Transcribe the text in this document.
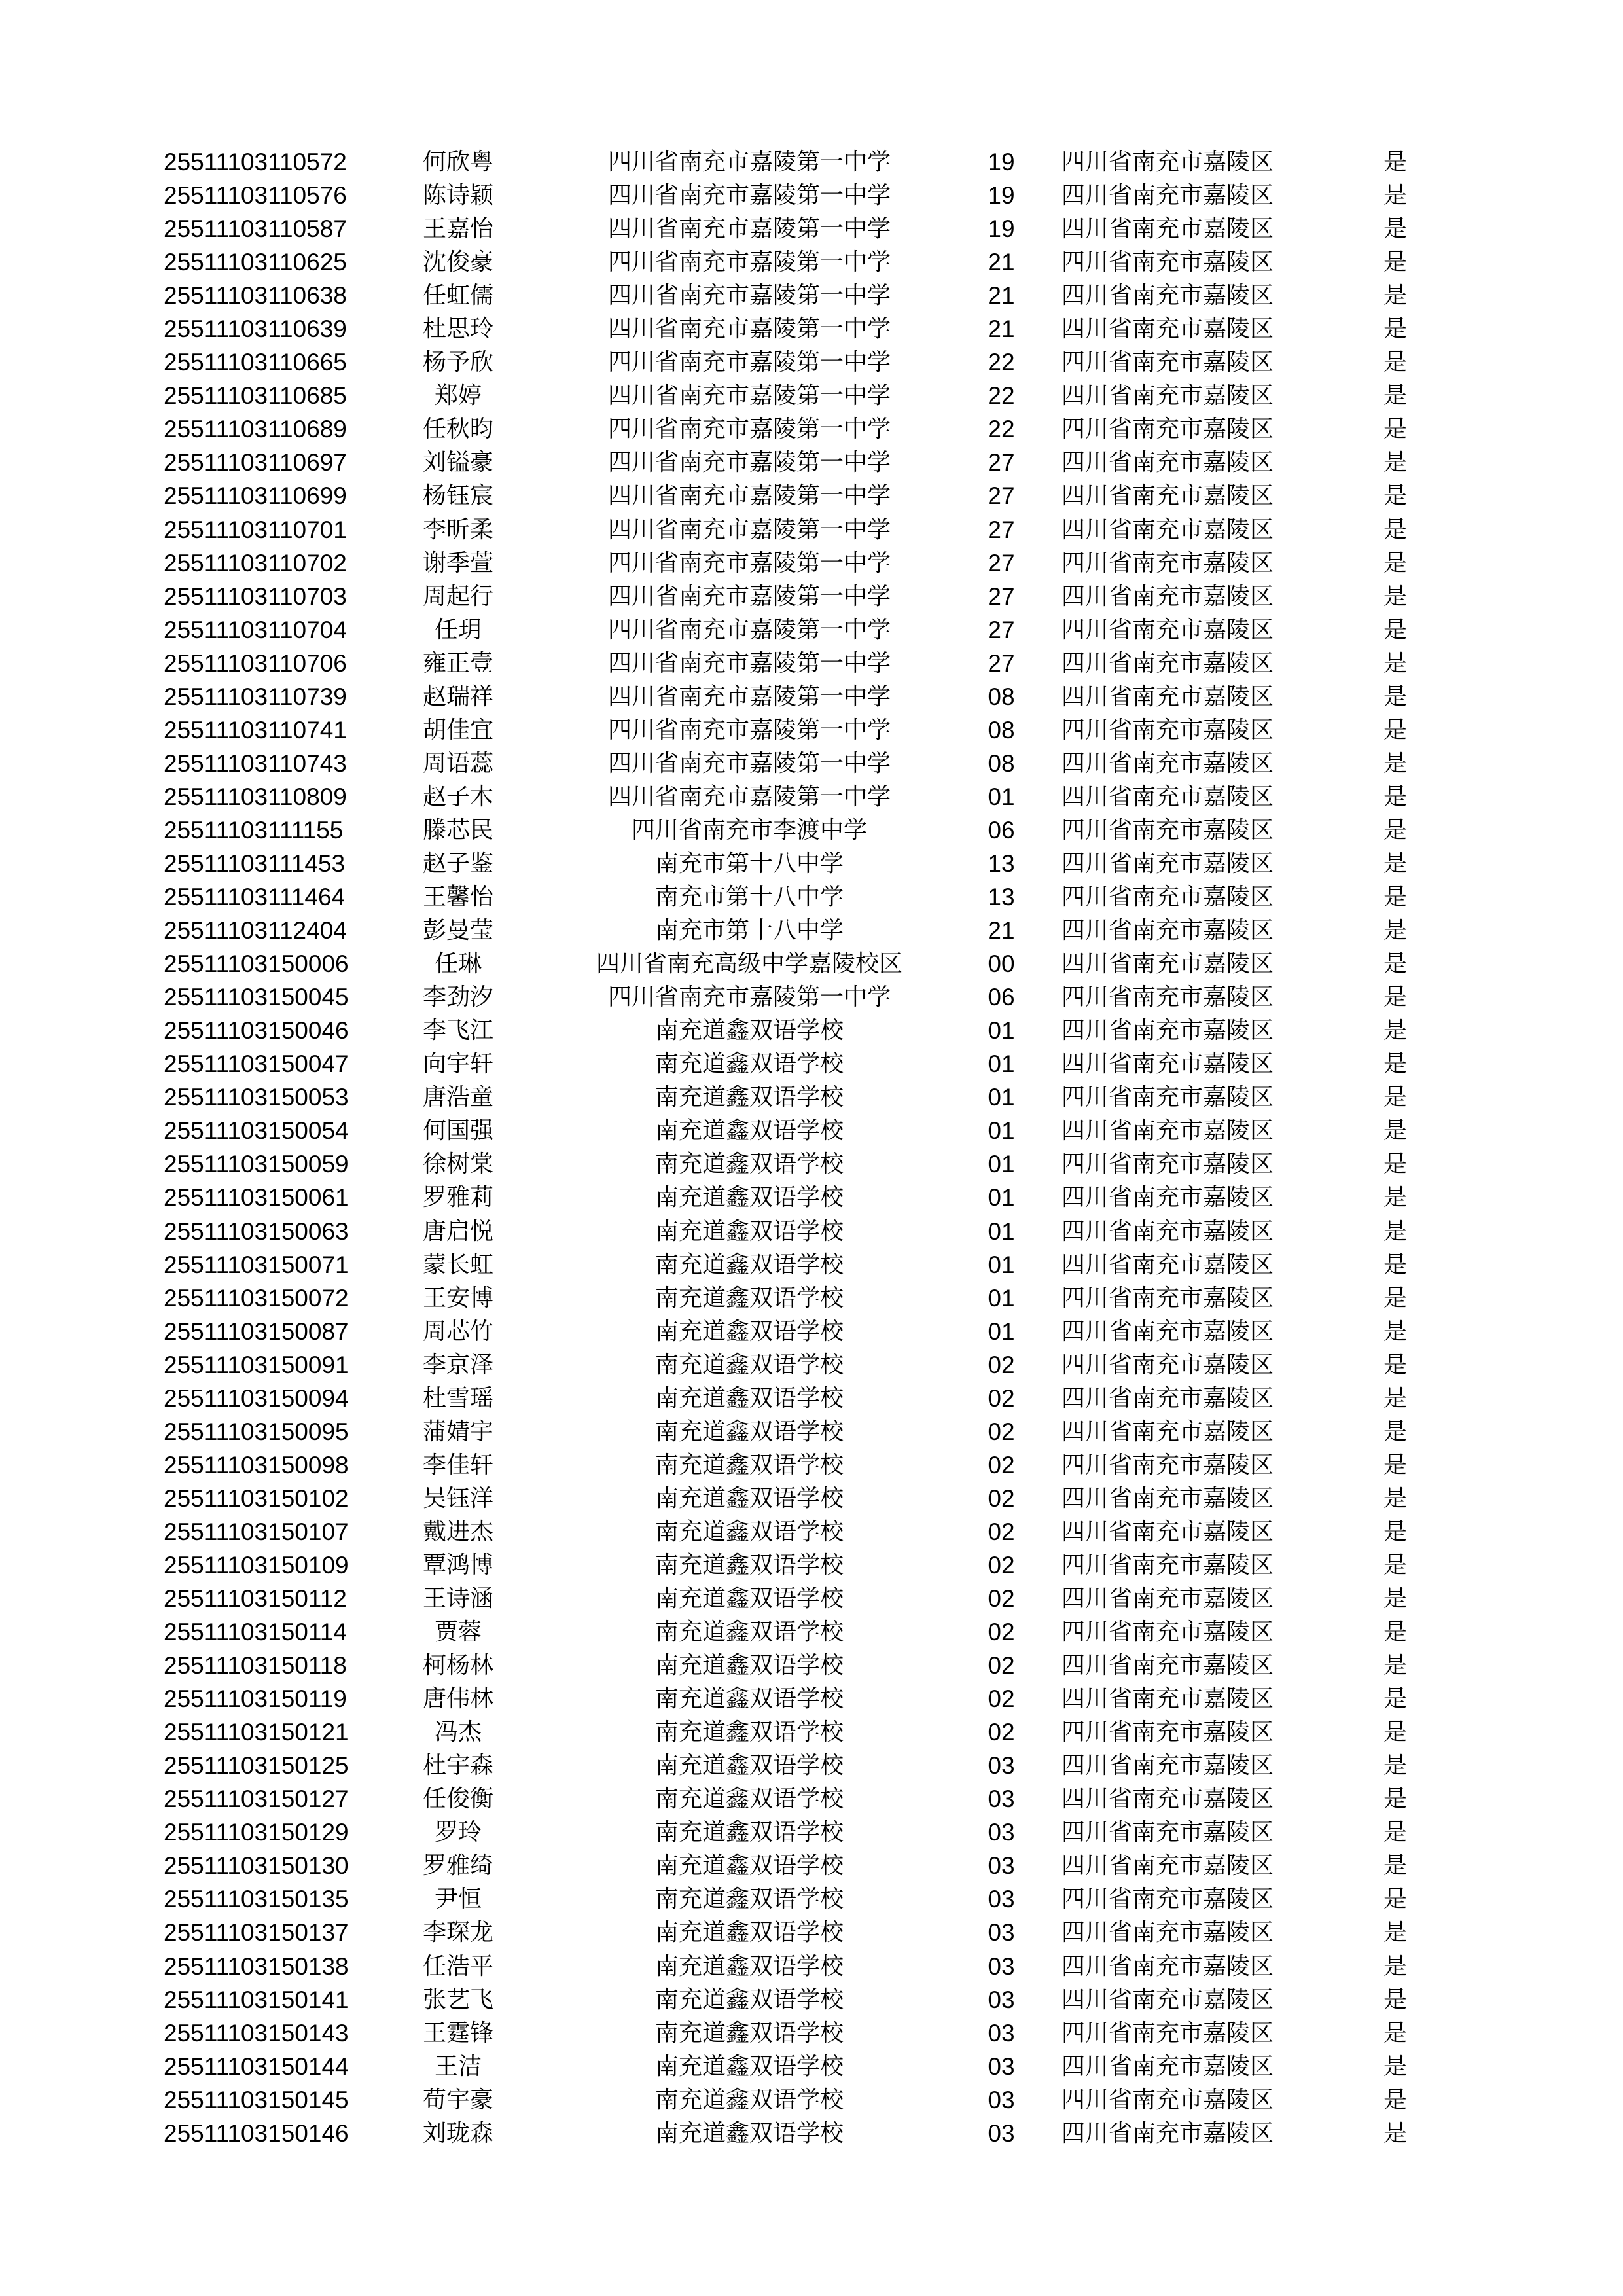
25511103110572	何欣粤	四川省南充市嘉陵第一中学	19	四川省南充市嘉陵区	是
25511103110576	陈诗颖	四川省南充市嘉陵第一中学	19	四川省南充市嘉陵区	是
25511103110587	王嘉怡	四川省南充市嘉陵第一中学	19	四川省南充市嘉陵区	是
25511103110625	沈俊豪	四川省南充市嘉陵第一中学	21	四川省南充市嘉陵区	是
25511103110638	任虹儒	四川省南充市嘉陵第一中学	21	四川省南充市嘉陵区	是
25511103110639	杜思玲	四川省南充市嘉陵第一中学	21	四川省南充市嘉陵区	是
25511103110665	杨予欣	四川省南充市嘉陵第一中学	22	四川省南充市嘉陵区	是
25511103110685	郑婷	四川省南充市嘉陵第一中学	22	四川省南充市嘉陵区	是
25511103110689	任秋昀	四川省南充市嘉陵第一中学	22	四川省南充市嘉陵区	是
25511103110697	刘镒豪	四川省南充市嘉陵第一中学	27	四川省南充市嘉陵区	是
25511103110699	杨钰宸	四川省南充市嘉陵第一中学	27	四川省南充市嘉陵区	是
25511103110701	李昕柔	四川省南充市嘉陵第一中学	27	四川省南充市嘉陵区	是
25511103110702	谢季萱	四川省南充市嘉陵第一中学	27	四川省南充市嘉陵区	是
25511103110703	周起行	四川省南充市嘉陵第一中学	27	四川省南充市嘉陵区	是
25511103110704	任玥	四川省南充市嘉陵第一中学	27	四川省南充市嘉陵区	是
25511103110706	雍正壹	四川省南充市嘉陵第一中学	27	四川省南充市嘉陵区	是
25511103110739	赵瑞祥	四川省南充市嘉陵第一中学	08	四川省南充市嘉陵区	是
25511103110741	胡佳宜	四川省南充市嘉陵第一中学	08	四川省南充市嘉陵区	是
25511103110743	周语蕊	四川省南充市嘉陵第一中学	08	四川省南充市嘉陵区	是
25511103110809	赵子木	四川省南充市嘉陵第一中学	01	四川省南充市嘉陵区	是
25511103111155	滕芯民	四川省南充市李渡中学	06	四川省南充市嘉陵区	是
25511103111453	赵子鉴	南充市第十八中学	13	四川省南充市嘉陵区	是
25511103111464	王馨怡	南充市第十八中学	13	四川省南充市嘉陵区	是
25511103112404	彭曼莹	南充市第十八中学	21	四川省南充市嘉陵区	是
25511103150006	任琳	四川省南充高级中学嘉陵校区	00	四川省南充市嘉陵区	是
25511103150045	李劲汐	四川省南充市嘉陵第一中学	06	四川省南充市嘉陵区	是
25511103150046	李飞江	南充道鑫双语学校	01	四川省南充市嘉陵区	是
25511103150047	向宇轩	南充道鑫双语学校	01	四川省南充市嘉陵区	是
25511103150053	唐浩童	南充道鑫双语学校	01	四川省南充市嘉陵区	是
25511103150054	何国强	南充道鑫双语学校	01	四川省南充市嘉陵区	是
25511103150059	徐树棠	南充道鑫双语学校	01	四川省南充市嘉陵区	是
25511103150061	罗雅莉	南充道鑫双语学校	01	四川省南充市嘉陵区	是
25511103150063	唐启悦	南充道鑫双语学校	01	四川省南充市嘉陵区	是
25511103150071	蒙长虹	南充道鑫双语学校	01	四川省南充市嘉陵区	是
25511103150072	王安博	南充道鑫双语学校	01	四川省南充市嘉陵区	是
25511103150087	周芯竹	南充道鑫双语学校	01	四川省南充市嘉陵区	是
25511103150091	李京泽	南充道鑫双语学校	02	四川省南充市嘉陵区	是
25511103150094	杜雪瑶	南充道鑫双语学校	02	四川省南充市嘉陵区	是
25511103150095	蒲婧宇	南充道鑫双语学校	02	四川省南充市嘉陵区	是
25511103150098	李佳轩	南充道鑫双语学校	02	四川省南充市嘉陵区	是
25511103150102	吴钰洋	南充道鑫双语学校	02	四川省南充市嘉陵区	是
25511103150107	戴进杰	南充道鑫双语学校	02	四川省南充市嘉陵区	是
25511103150109	覃鸿博	南充道鑫双语学校	02	四川省南充市嘉陵区	是
25511103150112	王诗涵	南充道鑫双语学校	02	四川省南充市嘉陵区	是
25511103150114	贾蓉	南充道鑫双语学校	02	四川省南充市嘉陵区	是
25511103150118	柯杨林	南充道鑫双语学校	02	四川省南充市嘉陵区	是
25511103150119	唐伟林	南充道鑫双语学校	02	四川省南充市嘉陵区	是
25511103150121	冯杰	南充道鑫双语学校	02	四川省南充市嘉陵区	是
25511103150125	杜宇森	南充道鑫双语学校	03	四川省南充市嘉陵区	是
25511103150127	任俊衡	南充道鑫双语学校	03	四川省南充市嘉陵区	是
25511103150129	罗玲	南充道鑫双语学校	03	四川省南充市嘉陵区	是
25511103150130	罗雅绮	南充道鑫双语学校	03	四川省南充市嘉陵区	是
25511103150135	尹恒	南充道鑫双语学校	03	四川省南充市嘉陵区	是
25511103150137	李琛龙	南充道鑫双语学校	03	四川省南充市嘉陵区	是
25511103150138	任浩平	南充道鑫双语学校	03	四川省南充市嘉陵区	是
25511103150141	张艺飞	南充道鑫双语学校	03	四川省南充市嘉陵区	是
25511103150143	王霆锋	南充道鑫双语学校	03	四川省南充市嘉陵区	是
25511103150144	王洁	南充道鑫双语学校	03	四川省南充市嘉陵区	是
25511103150145	荀宇豪	南充道鑫双语学校	03	四川省南充市嘉陵区	是
25511103150146	刘珑森	南充道鑫双语学校	03	四川省南充市嘉陵区	是
